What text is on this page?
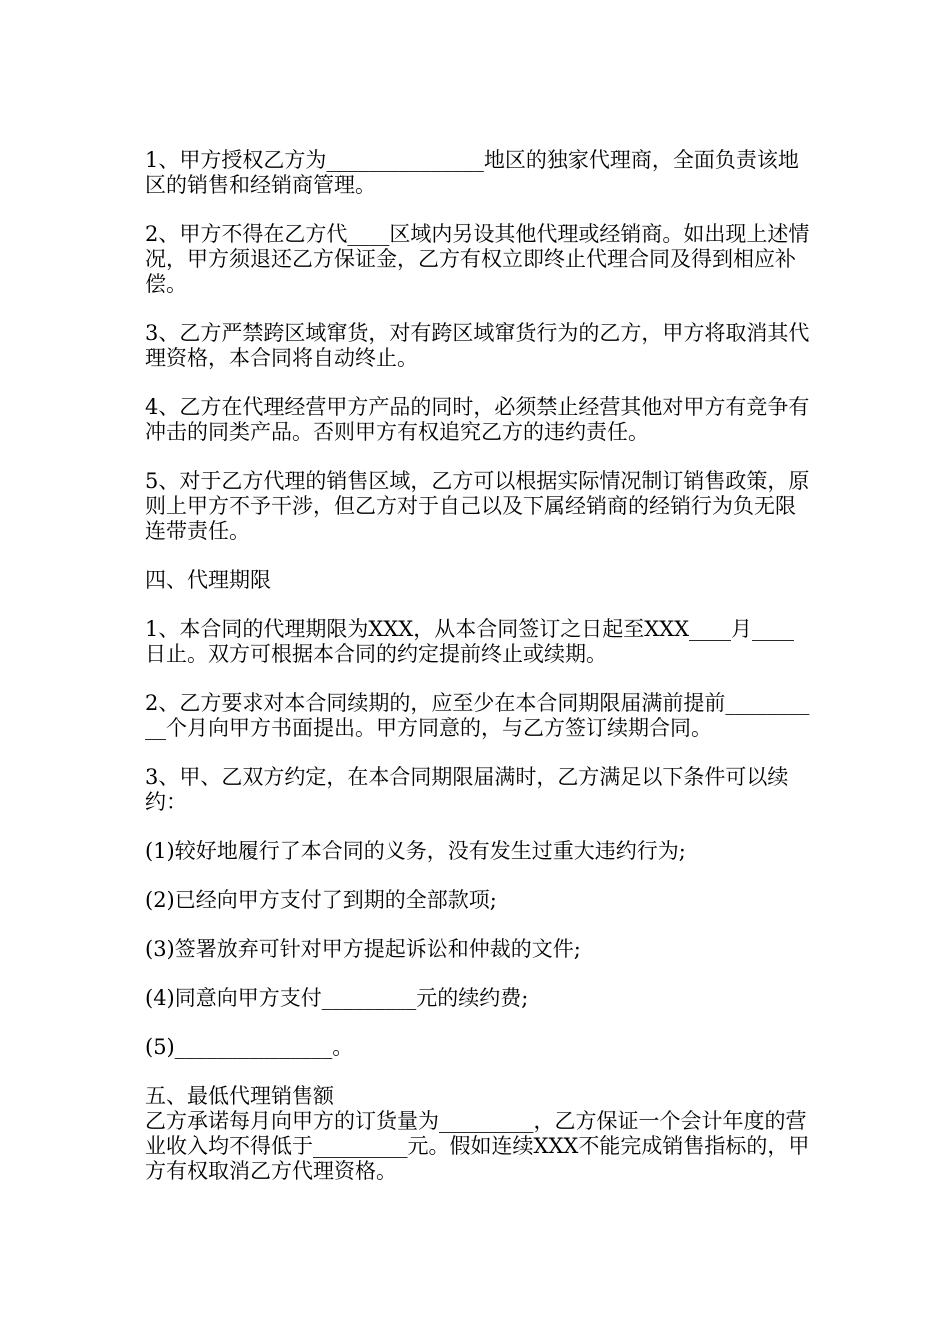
1、甲方授权乙方为_______________地区的独家代理商，全面负责该地区的销售和经销商管理。

2、甲方不得在乙方代____区域内另设其他代理或经销商。如出现上述情况，甲方须退还乙方保证金，乙方有权立即终止代理合同及得到相应补偿。

3、乙方严禁跨区域窜货，对有跨区域窜货行为的乙方，甲方将取消其代理资格，本合同将自动终止。

4、乙方在代理经营甲方产品的同时，必须禁止经营其他对甲方有竞争有冲击的同类产品。否则甲方有权追究乙方的违约责任。

5、对于乙方代理的销售区域，乙方可以根据实际情况制订销售政策，原则上甲方不予干涉，但乙方对于自己以及下属经销商的经销行为负无限连带责任。

四、代理期限

1、本合同的代理期限为XXX，从本合同签订之日起至XXX____月____日止。双方可根据本合同的约定提前终止或续期。

2、乙方要求对本合同续期的，应至少在本合同期限届满前提前__________个月向甲方书面提出。甲方同意的，与乙方签订续期合同。

3、甲、乙双方约定，在本合同期限届满时，乙方满足以下条件可以续约：

(1)较好地履行了本合同的义务，没有发生过重大违约行为;

(2)已经向甲方支付了到期的全部款项;

(3)签署放弃可针对甲方提起诉讼和仲裁的文件;

(4)同意向甲方支付_________元的续约费;

(5)_______________。

五、最低代理销售额

乙方承诺每月向甲方的订货量为_________，乙方保证一个会计年度的营业收入均不得低于_________元。假如连续XXX不能完成销售指标的，甲方有权取消乙方代理资格。
